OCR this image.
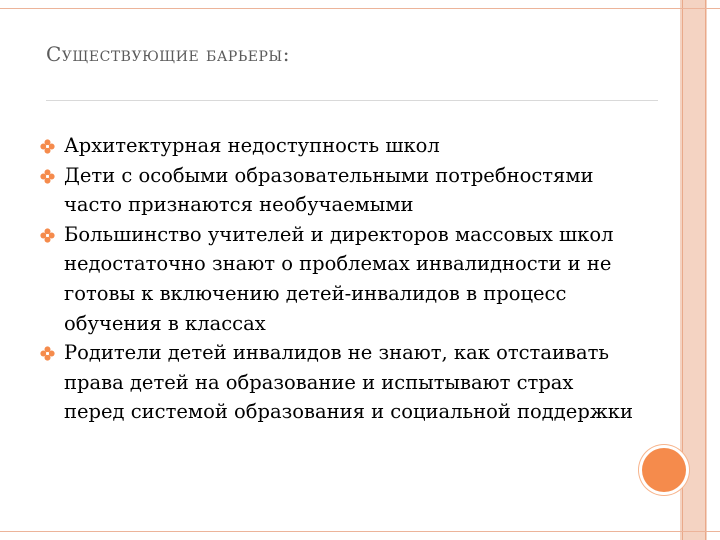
Существующие барьеры:
Архитектурная недоступность школ
Дети с особыми образовательными потребностями часто признаются необучаемыми
Большинство учителей и директоров массовых школ недостаточно знают о проблемах инвалидности и не готовы к включению детей-инвалидов в процесс обучения в классах
Родители детей инвалидов не знают, как отстаивать права детей на образование и испытывают страх перед системой образования и социальной поддержки
